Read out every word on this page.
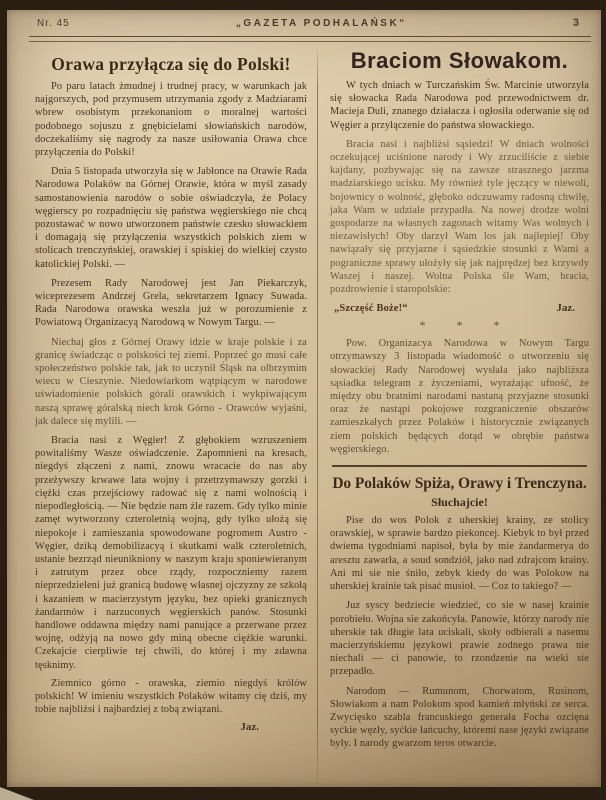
Nr. 45	„GAZETA PODHALAŃSK“	3
Orawa przyłącza się do Polski!

Po paru latach żmudnej i trudnej pracy, w warunkach jak najgorszych, pod przymusem utrzymania zgody z Madziarami wbrew osobistym przekonaniom o moralnej wartości podobnego sojuszu z gnębicielami słowiańskich narodów, doczekaliśmy się nagrody za nasze usiłowania Orawa chce przyłączenia do Polski!

Dnia 5 listopada utworzyła się w Jabłonce na Orawie Rada Narodowa Polaków na Górnej Orawie, która w myśl zasady samostanowienia narodów o sobie oświadczyła, że Polacy węgierscy po rozpadnięciu się państwa węgierskiego nie chcą pozostawać w nowo utworzonem państwie czesko słowackiem i domagają się przyłączenia wszystkich polskich ziem w stolicach trenczyńskiej, orawskiej i spiskiej do wielkiej czysto katolickiej Polski. —

Prezesem Rady Narodowej jest Jan Piekarczyk, wiceprezesem Andrzej Grela, sekretarzem Ignacy Suwada. Rada Narodowa orawska weszła już w porozumienie z Powiatową Organizacyą Narodową w Nowym Targu. —

Niechaj głos z Górnej Orawy idzie w kraje polskie i za granicę świadcząc o polskości tej ziemi. Poprzeć go musi całe społeczeństwo polskie tak, jak to uczynił Śląsk na olbrzymim wiecu w Cieszynie. Niedowiarkom wątpiącym w narodowe uświadomienie polskich górali orawskich i wykpiwającym naszą sprawę góralską niech krok Górno - Orawców wyjaśni, jak dalece się mylili. —

Bracia nasi z Węgier! Z głębokiem wzruszeniem powitaliśmy Wasze oświadczenie. Zapomnieni na kresach, niegdyś złączeni z nami, znowu wracacie do nas aby przeżywszy krwawe lata wojny i przetrzymawszy gorzki i ciężki czas przejściowy radować się z nami wolnością i niepodległością. — Nie będzie nam źle razem. Gdy tylko minie zamęt wytworzony czteroletnią wojną, gdy tylko ułożą się niepokoje i zamieszania spowodowane pogromem Austro - Węgier, dziką demobilizacyą i skutkami walk czteroletnich, ustanie bezrząd nieunikniony w naszym kraju sponiewieranym i zatrutym przez obce rządy, rozpoczniemy razem nieprzedzieleni już granicą budowę własnej ojczyzny ze szkołą i kazaniem w macierzystym języku, bez opieki granicznych żandarmów i narzuconych węgierskich panów. Stosunki handlowe oddawna między nami panujące a przerwane przez wojnę, odżyją na nowo gdy miną obecne ciężkie warunki. Czekajcie cierpliwie tej chwili, do której i my zdawna tęsknimy.

Ziemnico górno - orawska, ziemio niegdyś królów polskich! W imieniu wszystkich Polaków witamy cię dziś, my tobie najbliżsi i najbardziej z tobą związani.

Jaz.
Braciom Słowakom.

W tych dniach w Turczańskim Św. Marcinie utworzyła się słowacka Rada Narodowa pod przewodnictwem dr. Macieja Duli, znanego działacza i ogłosiła oderwanie się od Węgier a przyłączenie do państwa słowackiego.

Bracia nasi i najbliżsi sąsiedzi! W dniach wolności oczekującej uciśnione narody i Wy zrzuciliście z siebie kajdany, pozbywając się na zawsze strasznego jarzma madziarskiego ucisku. My również tyle jęczący w niewoli, bojownicy o wolność, głęboko odczuwamy radosną chwilę, jaka Wam w udziale przypadła. Na nowej drodze wolni gospodarze na własnych zagonach witamy Was wolnych i niezawisłych! Oby darzył Wam los jak najlepiej! Oby nawiązały się przyjazne i sąsiedzkie stosunki z Wami a pograniczne sprawy ułożyły się jak najprędzej bez krzywdy Waszej i naszej. Wolna Polska śle Wam, bracia, pozdrowienie i staropolskie:

„Szczęść Boże!“	Jaz.
* * *

Pow. Organizacya Narodowa w Nowym Targu otrzymawszy 3 listopada wiadomość o utworzeniu się słowackiej Rady Narodowej wysłała jako najbliższa sąsiadka telegram z życzeniami, wyrażając ufność, że między obu bratnimi narodami nastaną przyjazne stosunki oraz że nastąpi pokojowe rozgraniczenie obszarów zamieszkałych przez Polaków i historycznie związanych ziem polskich będących dotąd w obrębie państwa węgierskiego.

Do Polaków Spiża, Orawy i Trenczyna.
Słuchajcie!

Pise do wos Polok z uherskiej krainy, ze stolicy orawskiej, w sprawie bardzo piekoncej. Kiebyk to był przed dwiema tygodniami napisoł, była by mie żandarmerya do aresztu zawarła, a soud sondziół, jako nad zdrajcom krainy. Ani mi sie nie śniło, zebyk kiedy do was Polokow na uherskiej krainie tak pisać musioł. — Coz to takiego? —

Juz syscy bedziecie wiedzieć, co sie w nasej krainie porobieło. Wojna sie zakońcyła. Panowie, którzy narody nie uherskie tak długie lata uciskali, skoły odbierali a nasemu macierzyńskiemu językowi prawie zodnego prawa nie niechali — ci panowie, to rzondzenie na wieki sie przepadło.

Narodom — Rumunom, Chorwatom, Rusinom, Słowiakom a nam Polokom spod kamień młyński ze serca. Zwycięsko szabla francuskiego generała Focha ozcięna syćkie węzły, syćkie łańcuchy, któremi nase języki związane były. I narody gwarzom teros otwarcie.
